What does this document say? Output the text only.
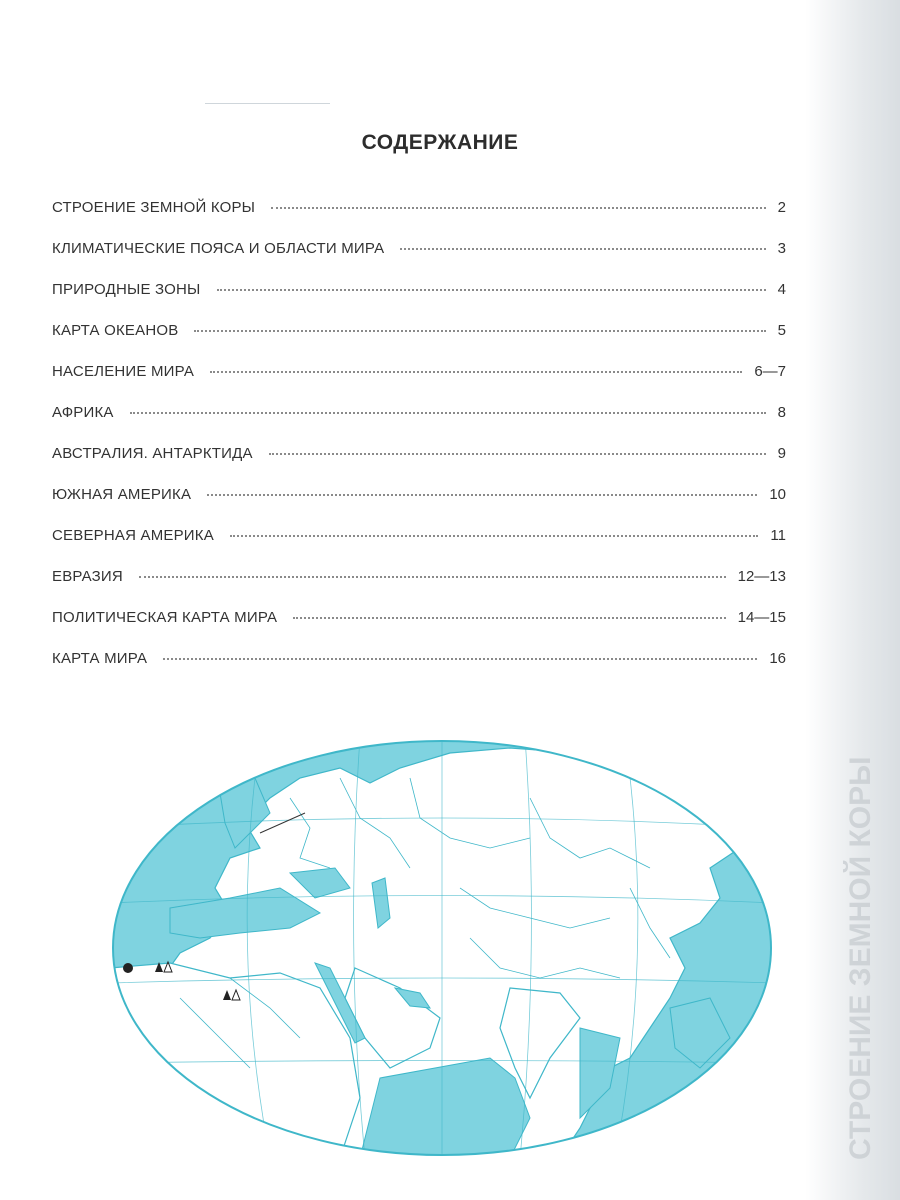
СТРОЕНИЕ ЗЕМНОЙ КОРЫ
СОДЕРЖАНИЕ
СТРОЕНИЕ ЗЕМНОЙ КОРЫ	2
КЛИМАТИЧЕСКИЕ ПОЯСА И ОБЛАСТИ МИРА	3
ПРИРОДНЫЕ ЗОНЫ	4
КАРТА ОКЕАНОВ	5
НАСЕЛЕНИЕ МИРА	6—7
АФРИКА	8
АВСТРАЛИЯ. АНТАРКТИДА	9
ЮЖНАЯ АМЕРИКА	10
СЕВЕРНАЯ АМЕРИКА	11
ЕВРАЗИЯ	12—13
ПОЛИТИЧЕСКАЯ КАРТА МИРА	14—15
КАРТА МИРА	16
